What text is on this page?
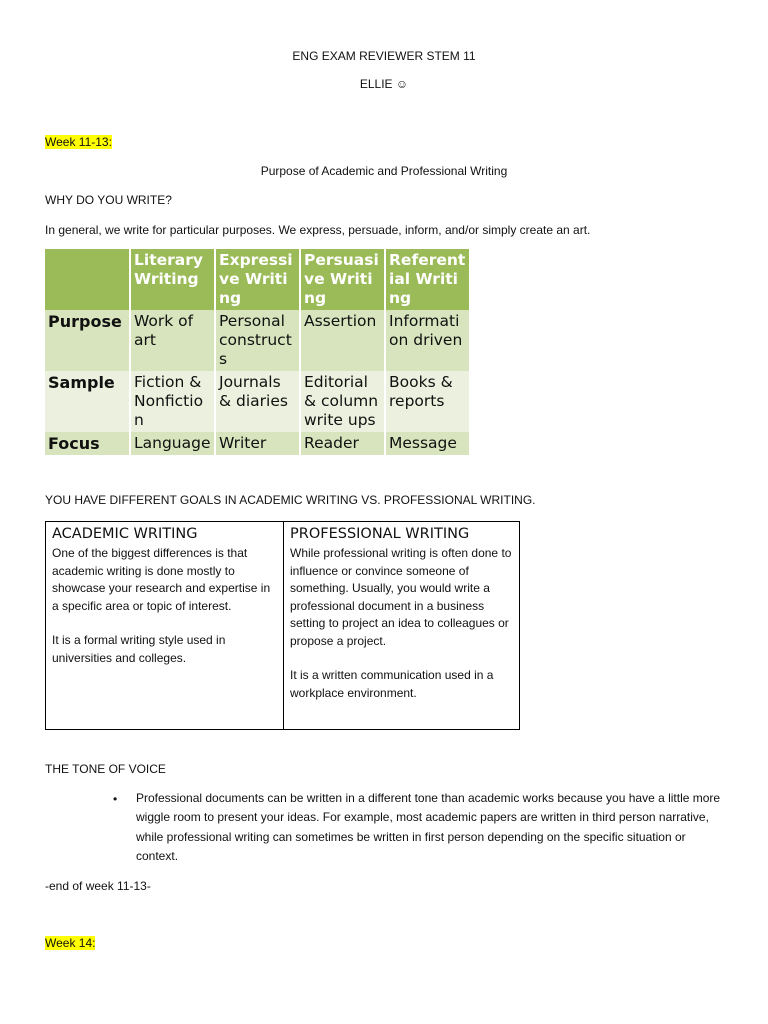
ENG EXAM REVIEWER STEM 11
ELLIE ☺
Week 11-13:
Purpose of Academic and Professional Writing
WHY DO YOU WRITE?
In general, we write for particular purposes. We express, persuade, inform, and/or simply create an art.
	Literary Writing	Expressive Writing	Persuasive Writing	Referential Writing
Purpose	Work of art	Personal constructs	Assertion	Information driven
Sample	Fiction & Nonfiction	Journals & diaries	Editorial & column write ups	Books & reports
Focus	Language	Writer	Reader	Message
YOU HAVE DIFFERENT GOALS IN ACADEMIC WRITING VS. PROFESSIONAL WRITING.
ACADEMIC WRITING

One of the biggest differences is that academic writing is done mostly to showcase your research and expertise in a specific area or topic of interest.

It is a formal writing style used in universities and colleges.

PROFESSIONAL WRITING

While professional writing is often done to influence or convince someone of something. Usually, you would write a professional document in a business setting to project an idea to colleagues or propose a project.

It is a written communication used in a workplace environment.

THE TONE OF VOICE
• Professional documents can be written in a different tone than academic works because you have a little more wiggle room to present your ideas. For example, most academic papers are written in third person narrative, while professional writing can sometimes be written in first person depending on the specific situation or context.
-end of week 11-13-
Week 14:
